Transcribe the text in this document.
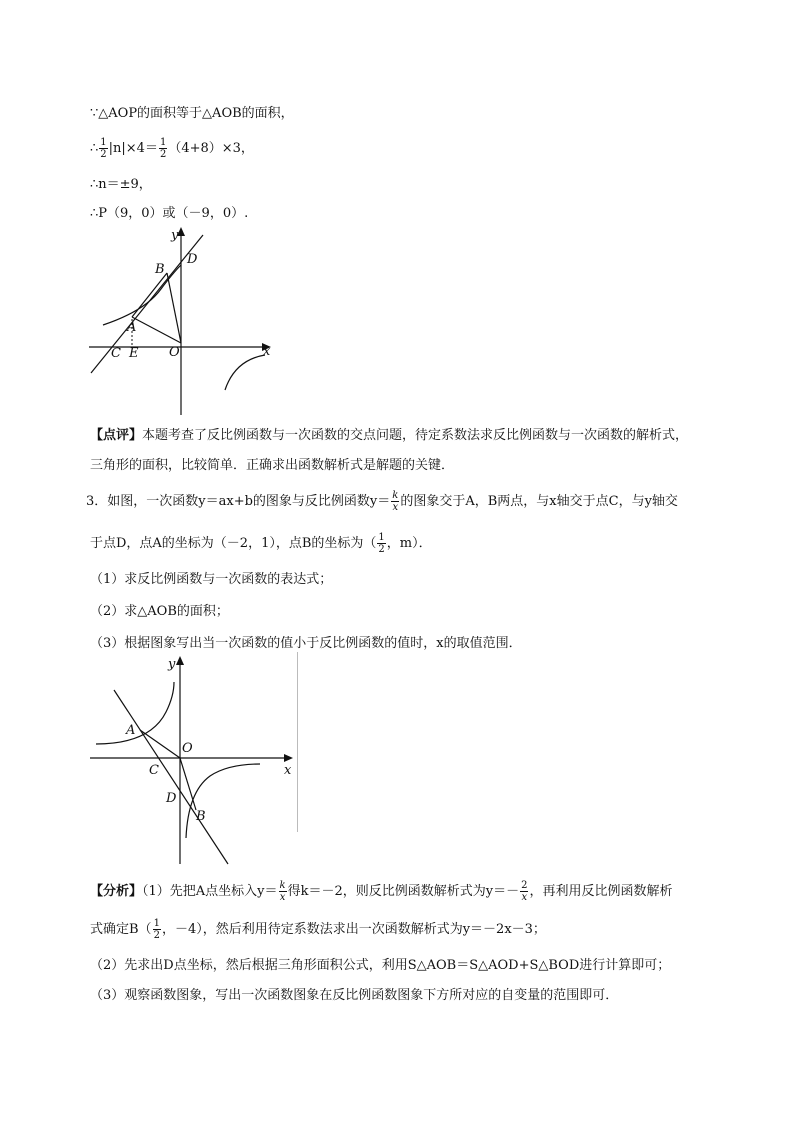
∵△AOP的面积等于△AOB的面积，
∴ $\frac{1}{2} |n|\times 4= \frac{1}{2} (4+8)\times 3$，
∴n＝±9，
∴P（9，0）或（－9，0）.
y
x
B
D
A
C E O
【点评】本题考查了反比例函数与一次函数的交点问题，待定系数法求反比例函数与一次函数的解析式，
三角形的面积，比较简单．正确求出函数解析式是解题的关键．
3．如图，一次函数y＝ax+b的图象与反比例函数$y= \frac{k}{x}$ 的图象交于A，B两点，与x轴交于点C，与y轴交
于点D，点A的坐标为（－2，1），点B的坐标为（ $\frac{1}{2}$ ，m）．
（1）求反比例函数与一次函数的表达式；
（2）求△AOB的面积；
（3）根据图象写出当一次函数的值小于反比例函数的值时，x的取值范围．
y
x
A
O
C
D
B
【分析】（1）先把A点坐标入$y= \frac{k}{x}$ 得k＝－2，则反比例函数解析式为$y=- \frac{2}{x}$ ，再利用反比例函数解析
式确定$B( \frac{1}{2}$ ，－4），然后利用待定系数法求出一次函数解析式为y＝－2x－3；
（2）先求出D点坐标，然后根据三角形面积公式，利用S△AOB＝S△AOD+S△BOD进行计算即可；
（3）观察函数图象，写出一次函数图象在反比例函数图象下方所对应的自变量的范围即可．
